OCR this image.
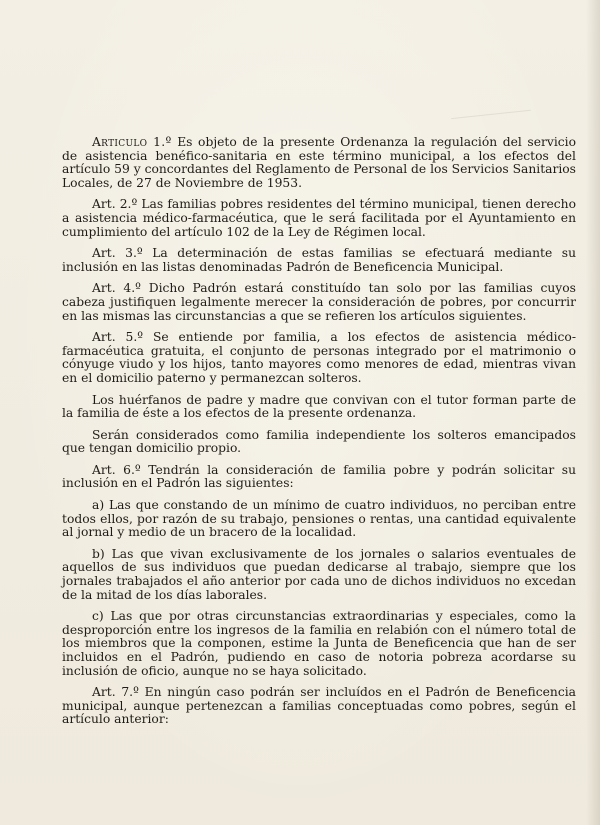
Articulo 1.º Es objeto de la presente Ordenanza la regulación del servicio de asistencia benéfico-sanitaria en este término municipal, a los efectos del artículo 59 y concordantes del Reglamento de Personal de los Servicios Sanitarios Locales, de 27 de Noviembre de 1953.

Art. 2.º Las familias pobres residentes del término municipal, tienen derecho a asistencia médico-farmacéutica, que le será facilitada por el Ayuntamiento en cumplimiento del artículo 102 de la Ley de Régimen local.

Art. 3.º La determinación de estas familias se efectuará mediante su inclusión en las listas denominadas Padrón de Beneficencia Municipal.

Art. 4.º Dicho Padrón estará constituído tan solo por las familias cuyos cabeza justifiquen legalmente merecer la consideración de pobres, por concurrir en las mismas las circunstancias a que se refieren los artículos siguientes.

Art. 5.º Se entiende por familia, a los efectos de asistencia médico-farmacéutica gratuita, el conjunto de personas integrado por el matrimonio o cónyuge viudo y los hijos, tanto mayores como menores de edad, mientras vivan en el domicilio paterno y permanezcan solteros.

Los huérfanos de padre y madre que convivan con el tutor forman parte de la familia de éste a los efectos de la presente ordenanza.

Serán considerados como familia independiente los solteros emancipados que tengan domicilio propio.

Art. 6.º Tendrán la consideración de familia pobre y podrán solicitar su inclusión en el Padrón las siguientes:

a) Las que constando de un mínimo de cuatro individuos, no perciban entre todos ellos, por razón de su trabajo, pensiones o rentas, una cantidad equivalente al jornal y medio de un bracero de la localidad.

b) Las que vivan exclusivamente de los jornales o salarios eventuales de aquellos de sus individuos que puedan dedicarse al trabajo, siempre que los jornales trabajados el año anterior por cada uno de dichos individuos no excedan de la mitad de los días laborales.

c) Las que por otras circunstancias extraordinarias y especiales, como la desproporción entre los ingresos de la familia en relabión con el número total de los miembros que la componen, estime la Junta de Beneficencia que han de ser incluidos en el Padrón, pudiendo en caso de notoria pobreza acordarse su inclusión de oficio, aunque no se haya solicitado.

Art. 7.º En ningún caso podrán ser incluídos en el Padrón de Beneficencia municipal, aunque pertenezcan a familias conceptuadas como pobres, según el artículo anterior:
